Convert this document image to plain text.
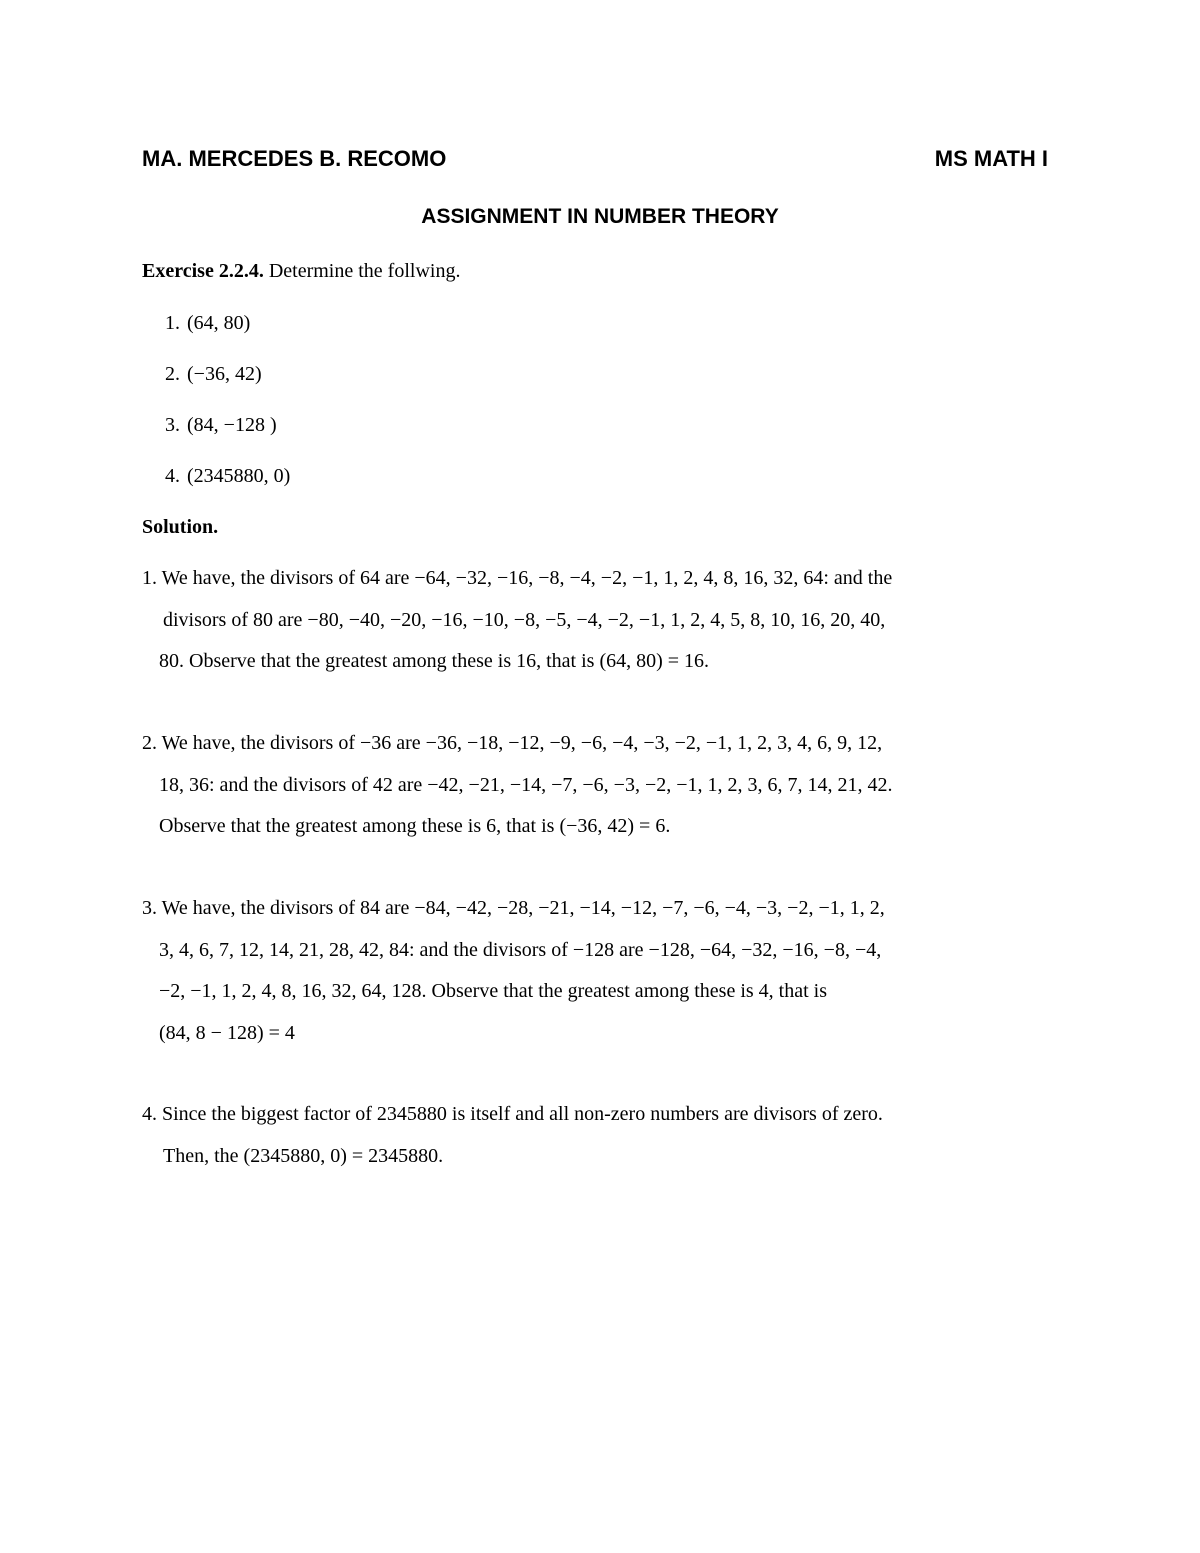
MA. MERCEDES B. RECOMO	MS MATH I
ASSIGNMENT IN NUMBER THEORY
Exercise 2.2.4. Determine the follwing.
1. (64, 80)
2. (−36, 42)
3. (84, −128 )
4. (2345880, 0)
Solution.
1. We have, the divisors of 64 are −64, −32, −16, −8, −4, −2, −1, 1, 2, 4, 8, 16, 32, 64: and the
divisors of 80 are −80, −40, −20, −16, −10, −8, −5, −4, −2, −1, 1, 2, 4, 5, 8, 10, 16, 20, 40,
80. Observe that the greatest among these is 16, that is (64, 80) = 16.
2. We have, the divisors of −36 are −36, −18, −12, −9, −6, −4, −3, −2, −1, 1, 2, 3, 4, 6, 9, 12,
18, 36: and the divisors of 42 are −42, −21, −14, −7, −6, −3, −2, −1, 1, 2, 3, 6, 7, 14, 21, 42.
Observe that the greatest among these is 6, that is (−36, 42) = 6.
3. We have, the divisors of 84 are −84, −42, −28, −21, −14, −12, −7, −6, −4, −3, −2, −1, 1, 2,
3, 4, 6, 7, 12, 14, 21, 28, 42, 84: and the divisors of −128 are −128, −64, −32, −16, −8, −4,
−2, −1, 1, 2, 4, 8, 16, 32, 64, 128. Observe that the greatest among these is 4, that is
(84, 8 − 128) = 4
4. Since the biggest factor of 2345880 is itself and all non-zero numbers are divisors of zero.
Then, the (2345880, 0) = 2345880.
